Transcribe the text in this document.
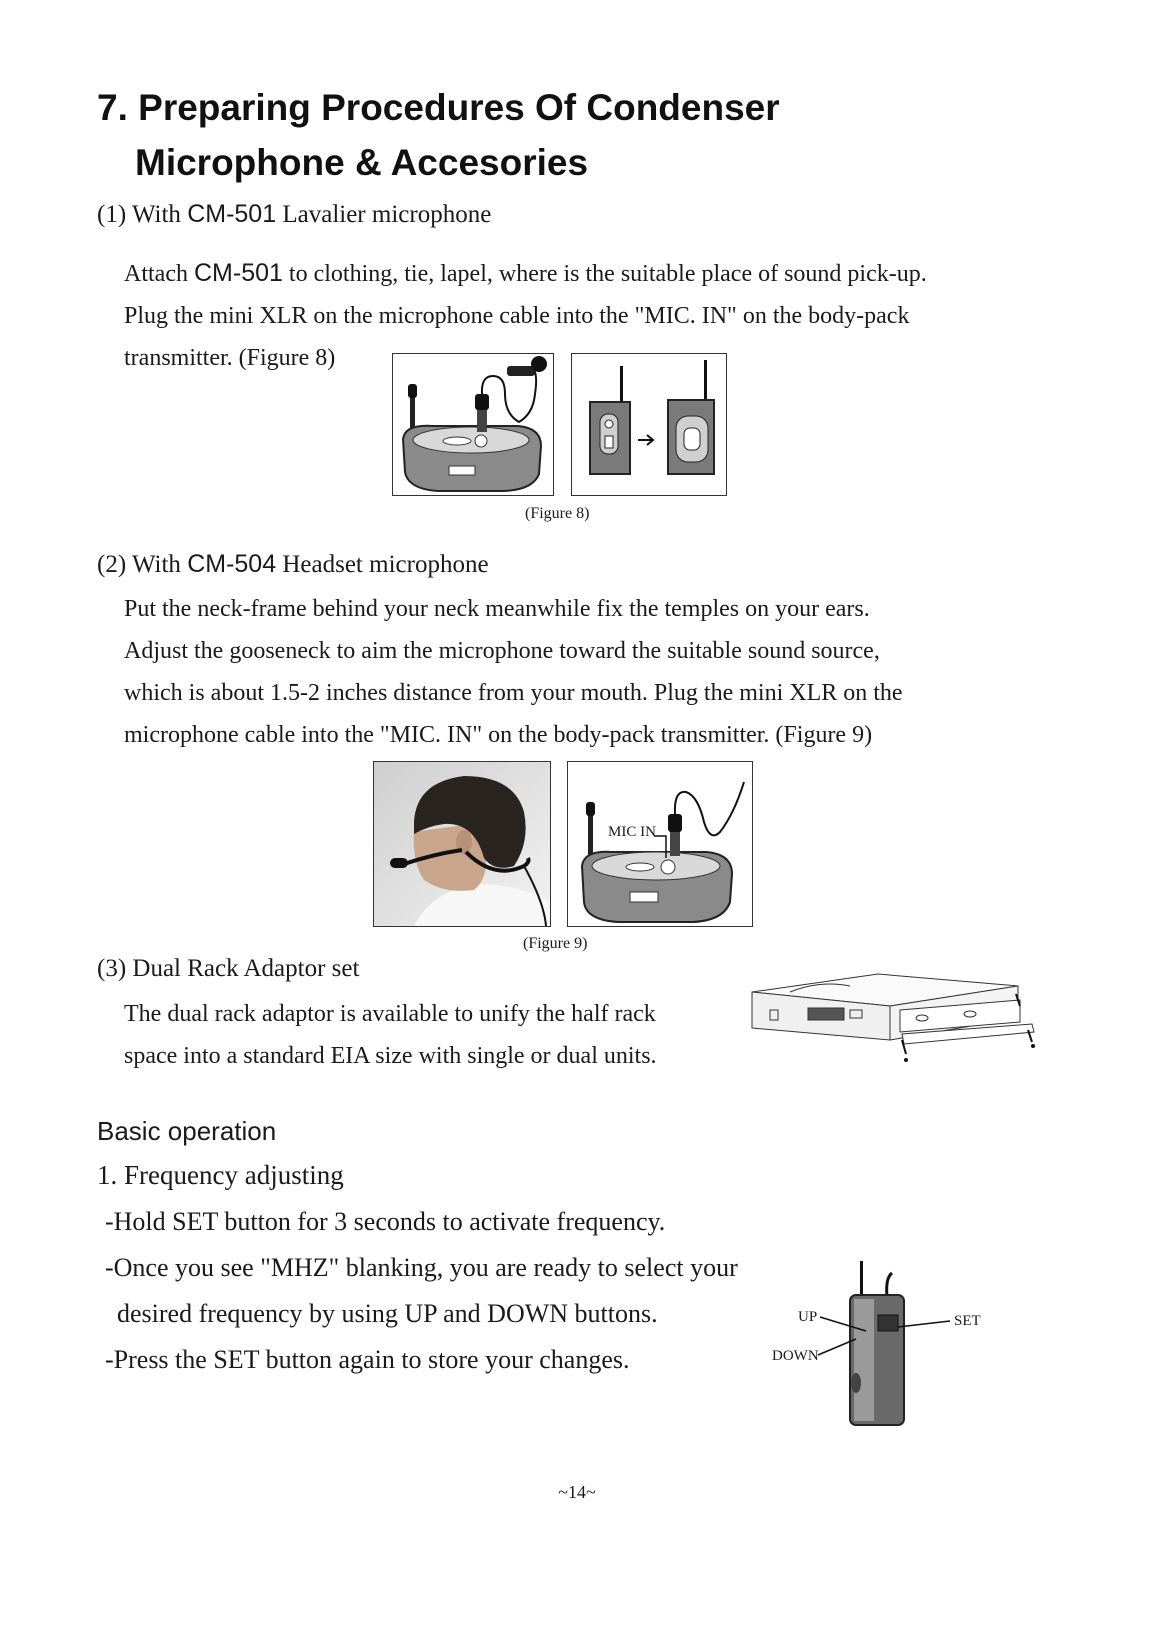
7. Preparing Procedures Of Condenser
Microphone & Accesories
(1) With CM-501 Lavalier microphone
Attach CM-501 to clothing, tie, lapel, where is the suitable place of sound pick-up.
Plug the mini XLR on the microphone cable into the "MIC. IN" on the body-pack
transmitter. (Figure 8)
(Figure 8)
(2) With CM-504 Headset microphone
Put the neck-frame behind your neck meanwhile fix the temples on your ears.
Adjust the gooseneck to aim the microphone toward the suitable sound source,
which is about 1.5-2 inches distance from your mouth. Plug the mini XLR on the
microphone cable into the "MIC. IN" on the body-pack transmitter. (Figure 9)
MIC IN
(Figure 9)
(3) Dual Rack Adaptor set
The dual rack adaptor is available to unify the half rack
space into a standard EIA size with single or dual units.
Basic operation
1. Frequency adjusting
-Hold SET button for 3 seconds to activate frequency.
-Once you see "MHZ" blanking, you are ready to select your
desired frequency by using UP and DOWN buttons.
-Press the SET button again to store your changes.
UP
DOWN
SET
~14~
